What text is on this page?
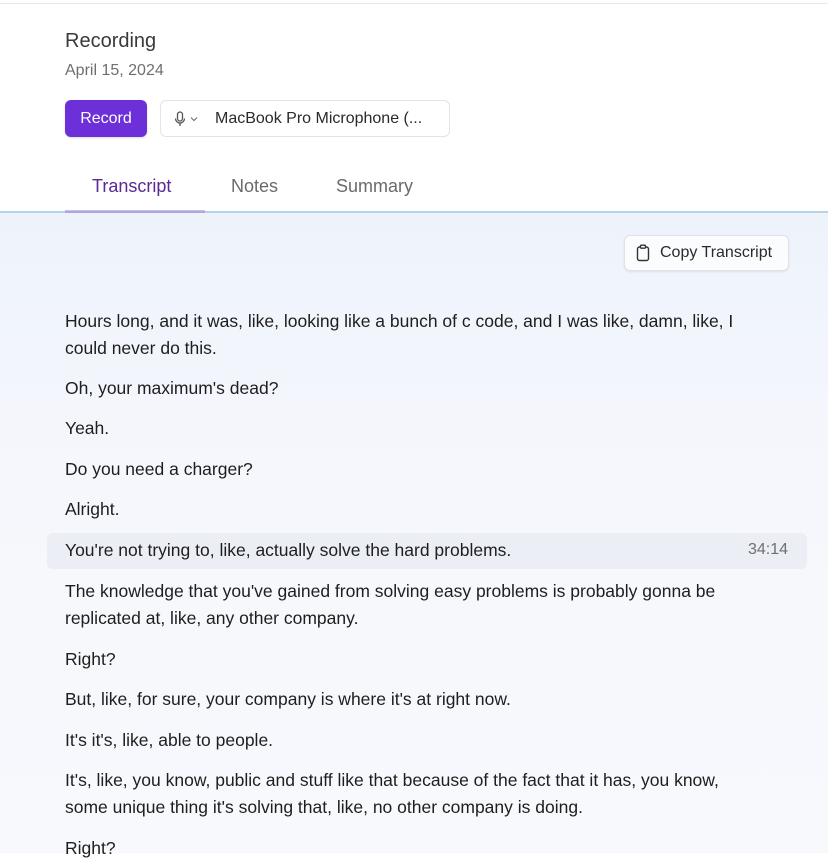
Recording
April 15, 2024
Record	MacBook Pro Microphone (...
Transcript	Notes	Summary
Copy Transcript
34:14
Hours long, and it was, like, looking like a bunch of c code, and I was like, damn, like, I could never do this.
Oh, your maximum's dead?
Yeah.
Do you need a charger?
Alright.
You're not trying to, like, actually solve the hard problems.
The knowledge that you've gained from solving easy problems is probably gonna be replicated at, like, any other company.
Right?
But, like, for sure, your company is where it's at right now.
It's it's, like, able to people.
It's, like, you know, public and stuff like that because of the fact that it has, you know, some unique thing it's solving that, like, no other company is doing.
Right?
